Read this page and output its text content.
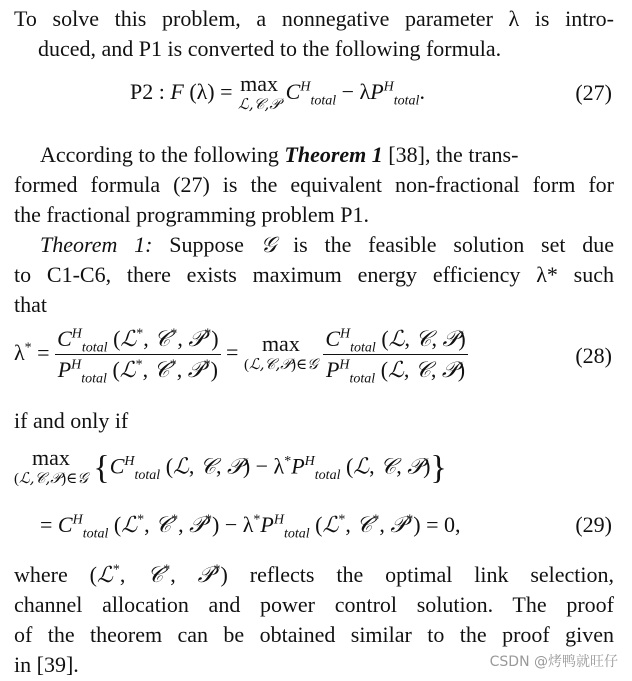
To solve this problem, a nonnegative parameter λ is intro-
duced, and P1 is converted to the following formula.
P2 : F (λ) = max
ℒ,𝒞,𝒫 $C^H_{total} - \lambda P^H_{total}$.	(27)
According to the following Theorem 1 [38], the trans-
formed formula (27) is the equivalent non-fractional form for
the fractional programming problem P1.
Theorem 1: Suppose 𝒢 is the feasible solution set due
to C1-C6, there exists maximum energy efficiency λ* such
that
$\lambda^* = \frac{C^H_{total} (ℒ^*, 𝒞^*, 𝒫^*)}{P^H_{total} (ℒ^*, 𝒞^*, 𝒫^*)} = \max$
(ℒ,𝒞,𝒫)∈𝒢
$\frac{C^H_{total} (ℒ, 𝒞, 𝒫)}{P^H_{total} (ℒ, 𝒞, 𝒫)}$	(28)
if and only if
max
(ℒ,𝒞,𝒫)∈𝒢 {$C^H_{total}$ (ℒ, 𝒞, 𝒫) − $\lambda^*P^H_{total}$ (ℒ, 𝒞, 𝒫)}
= $C^H_{total}$ (ℒ*, 𝒞*, 𝒫*) − $\lambda^*P^H_{total}$ (ℒ*, 𝒞*, 𝒫*) = 0,	(29)
where (ℒ*, 𝒞*, 𝒫*) reflects the optimal link selection,
channel allocation and power control solution. The proof
of the theorem can be obtained similar to the proof given
in [39].	CSDN @烤鸭就旺仔
